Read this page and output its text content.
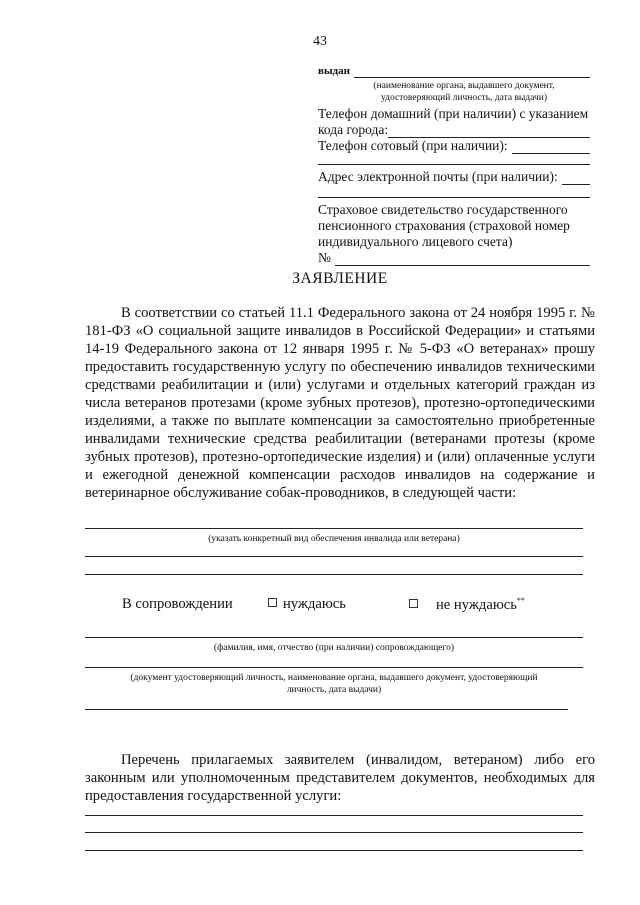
43
выдан
(наименование органа, выдавшего документ,
удостоверяющий личность, дата выдачи)
Телефон домашний (при наличии) с указанием
кода города:
Телефон сотовый (при наличии):
Адрес электронной почты (при наличии):
Страховое свидетельство государственного
пенсионного страхования (страховой номер
индивидуального лицевого счета)
№
ЗАЯВЛЕНИЕ
В соответствии со статьей 11.1 Федерального закона от 24 ноября 1995 г. № 181-ФЗ «О социальной защите инвалидов в Российской Федерации» и статьями 14-19 Федерального закона от 12 января 1995 г. № 5-ФЗ «О ветеранах» прошу предоставить государственную услугу по обеспечению инвалидов техническими средствами реабилитации и (или) услугами и отдельных категорий граждан из числа ветеранов протезами (кроме зубных протезов), протезно-ортопедическими изделиями, а также по выплате компенсации за самостоятельно приобретенные инвалидами технические средства реабилитации (ветеранами протезы (кроме зубных протезов), протезно-ортопедические изделия) и (или) оплаченные услуги и ежегодной денежной компенсации расходов инвалидов на содержание и ветеринарное обслуживание собак-проводников, в следующей части:
(указать конкретный вид обеспечения инвалида или ветерана)
В сопровождении	нуждаюсь	не нуждаюсь**
(фамилия, имя, отчество (при наличии) сопровождающего)
(документ удостоверяющий личность, наименование органа, выдавшего документ, удостоверяющий
личность, дата выдачи)
Перечень прилагаемых заявителем (инвалидом, ветераном) либо его законным или уполномоченным представителем документов, необходимых для предоставления государственной услуги:
